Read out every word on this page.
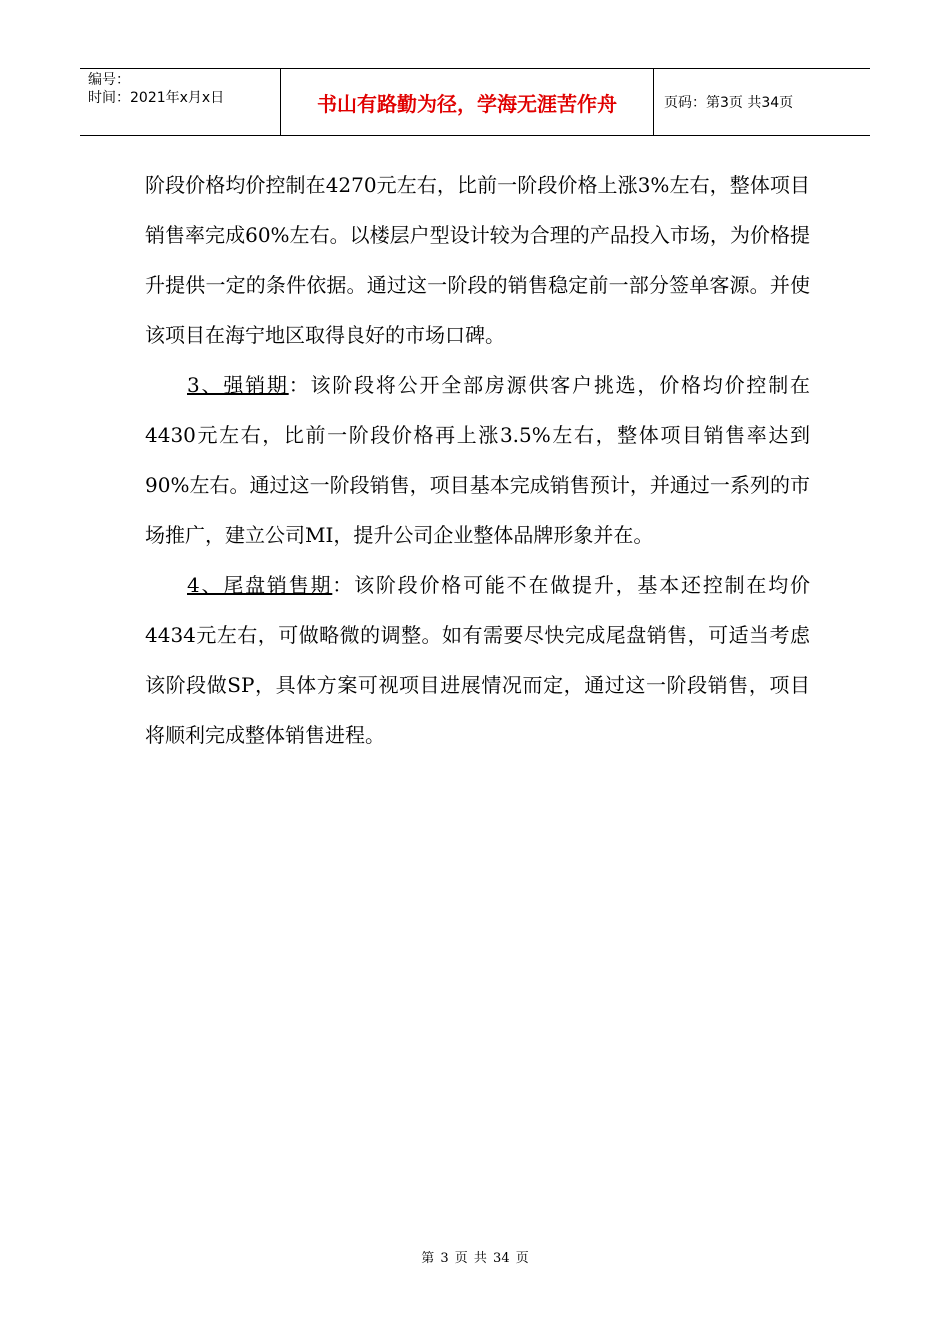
编号：
时间：2021年x月x日	书山有路勤为径，学海无涯苦作舟	页码：第3页 共34页

阶段价格均价控制在4270元左右，比前一阶段价格上涨3%左右，整体项目销售率完成60%左右。以楼层户型设计较为合理的产品投入市场，为价格提升提供一定的条件依据。通过这一阶段的销售稳定前一部分签单客源。并使该项目在海宁地区取得良好的市场口碑。

3、强销期：该阶段将公开全部房源供客户挑选，价格均价控制在4430元左右，比前一阶段价格再上涨3.5%左右，整体项目销售率达到90%左右。通过这一阶段销售，项目基本完成销售预计，并通过一系列的市场推广，建立公司MI，提升公司企业整体品牌形象并在。

4、尾盘销售期：该阶段价格可能不在做提升，基本还控制在均价4434元左右，可做略微的调整。如有需要尽快完成尾盘销售，可适当考虑该阶段做SP，具体方案可视项目进展情况而定，通过这一阶段销售，项目将顺利完成整体销售进程。

第 3 页 共 34 页
